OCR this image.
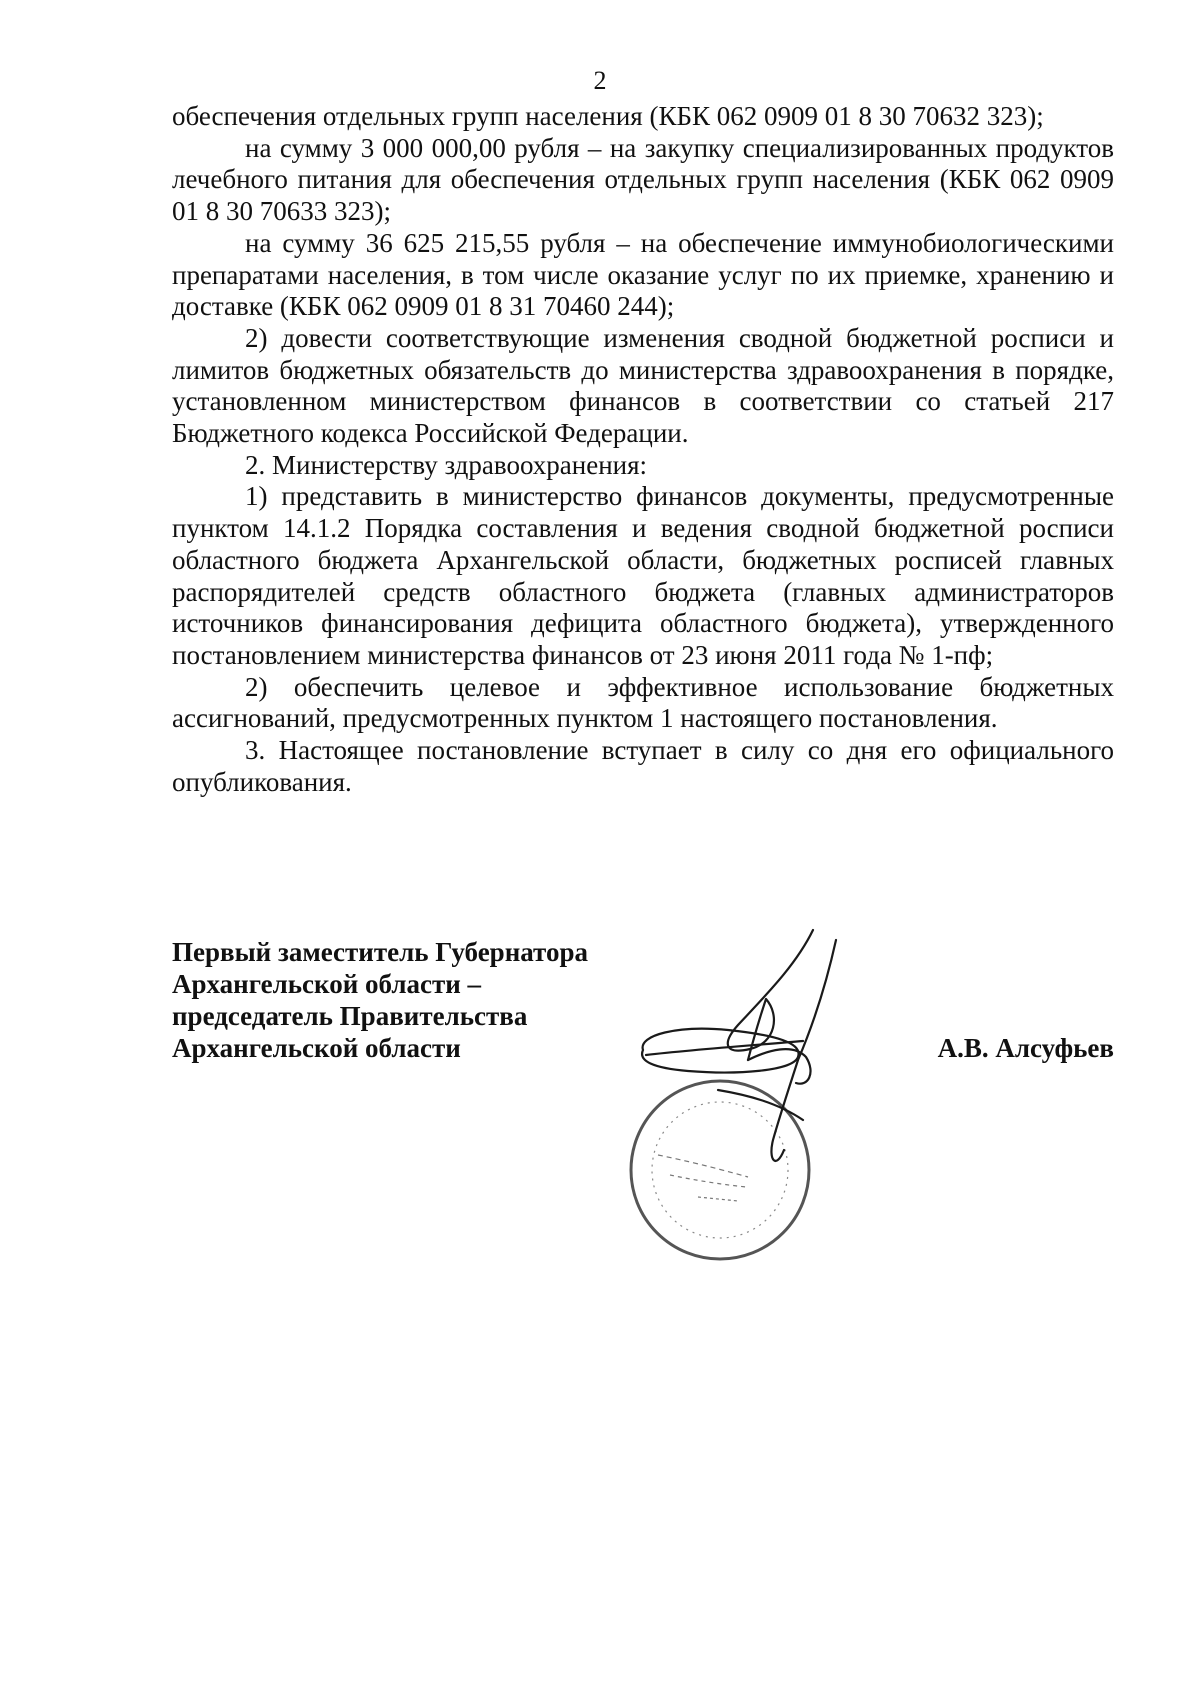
2

обеспечения отдельных групп населения (КБК 062 0909 01 8 30 70632 323);

на сумму 3 000 000,00 рубля – на закупку специализированных продуктов лечебного питания для обеспечения отдельных групп населения (КБК 062 0909 01 8 30 70633 323);

на сумму 36 625 215,55 рубля – на обеспечение иммунобиологическими препаратами населения, в том числе оказание услуг по их приемке, хранению и доставке (КБК 062 0909 01 8 31 70460 244);

2) довести соответствующие изменения сводной бюджетной росписи и лимитов бюджетных обязательств до министерства здравоохранения в порядке, установленном министерством финансов в соответствии со статьей 217 Бюджетного кодекса Российской Федерации.

2. Министерству здравоохранения:

1) представить в министерство финансов документы, предусмотренные пунктом 14.1.2 Порядка составления и ведения сводной бюджетной росписи областного бюджета Архангельской области, бюджетных росписей главных распорядителей средств областного бюджета (главных администраторов источников финансирования дефицита областного бюджета), утвержденного постановлением министерства финансов от 23 июня 2011 года № 1-пф;

2) обеспечить целевое и эффективное использование бюджетных ассигнований, предусмотренных пунктом 1 настоящего постановления.

3. Настоящее постановление вступает в силу со дня его официального опубликования.

Первый заместитель Губернатора
Архангельской области –
председатель Правительства
Архангельской области	А.В. Алсуфьев
